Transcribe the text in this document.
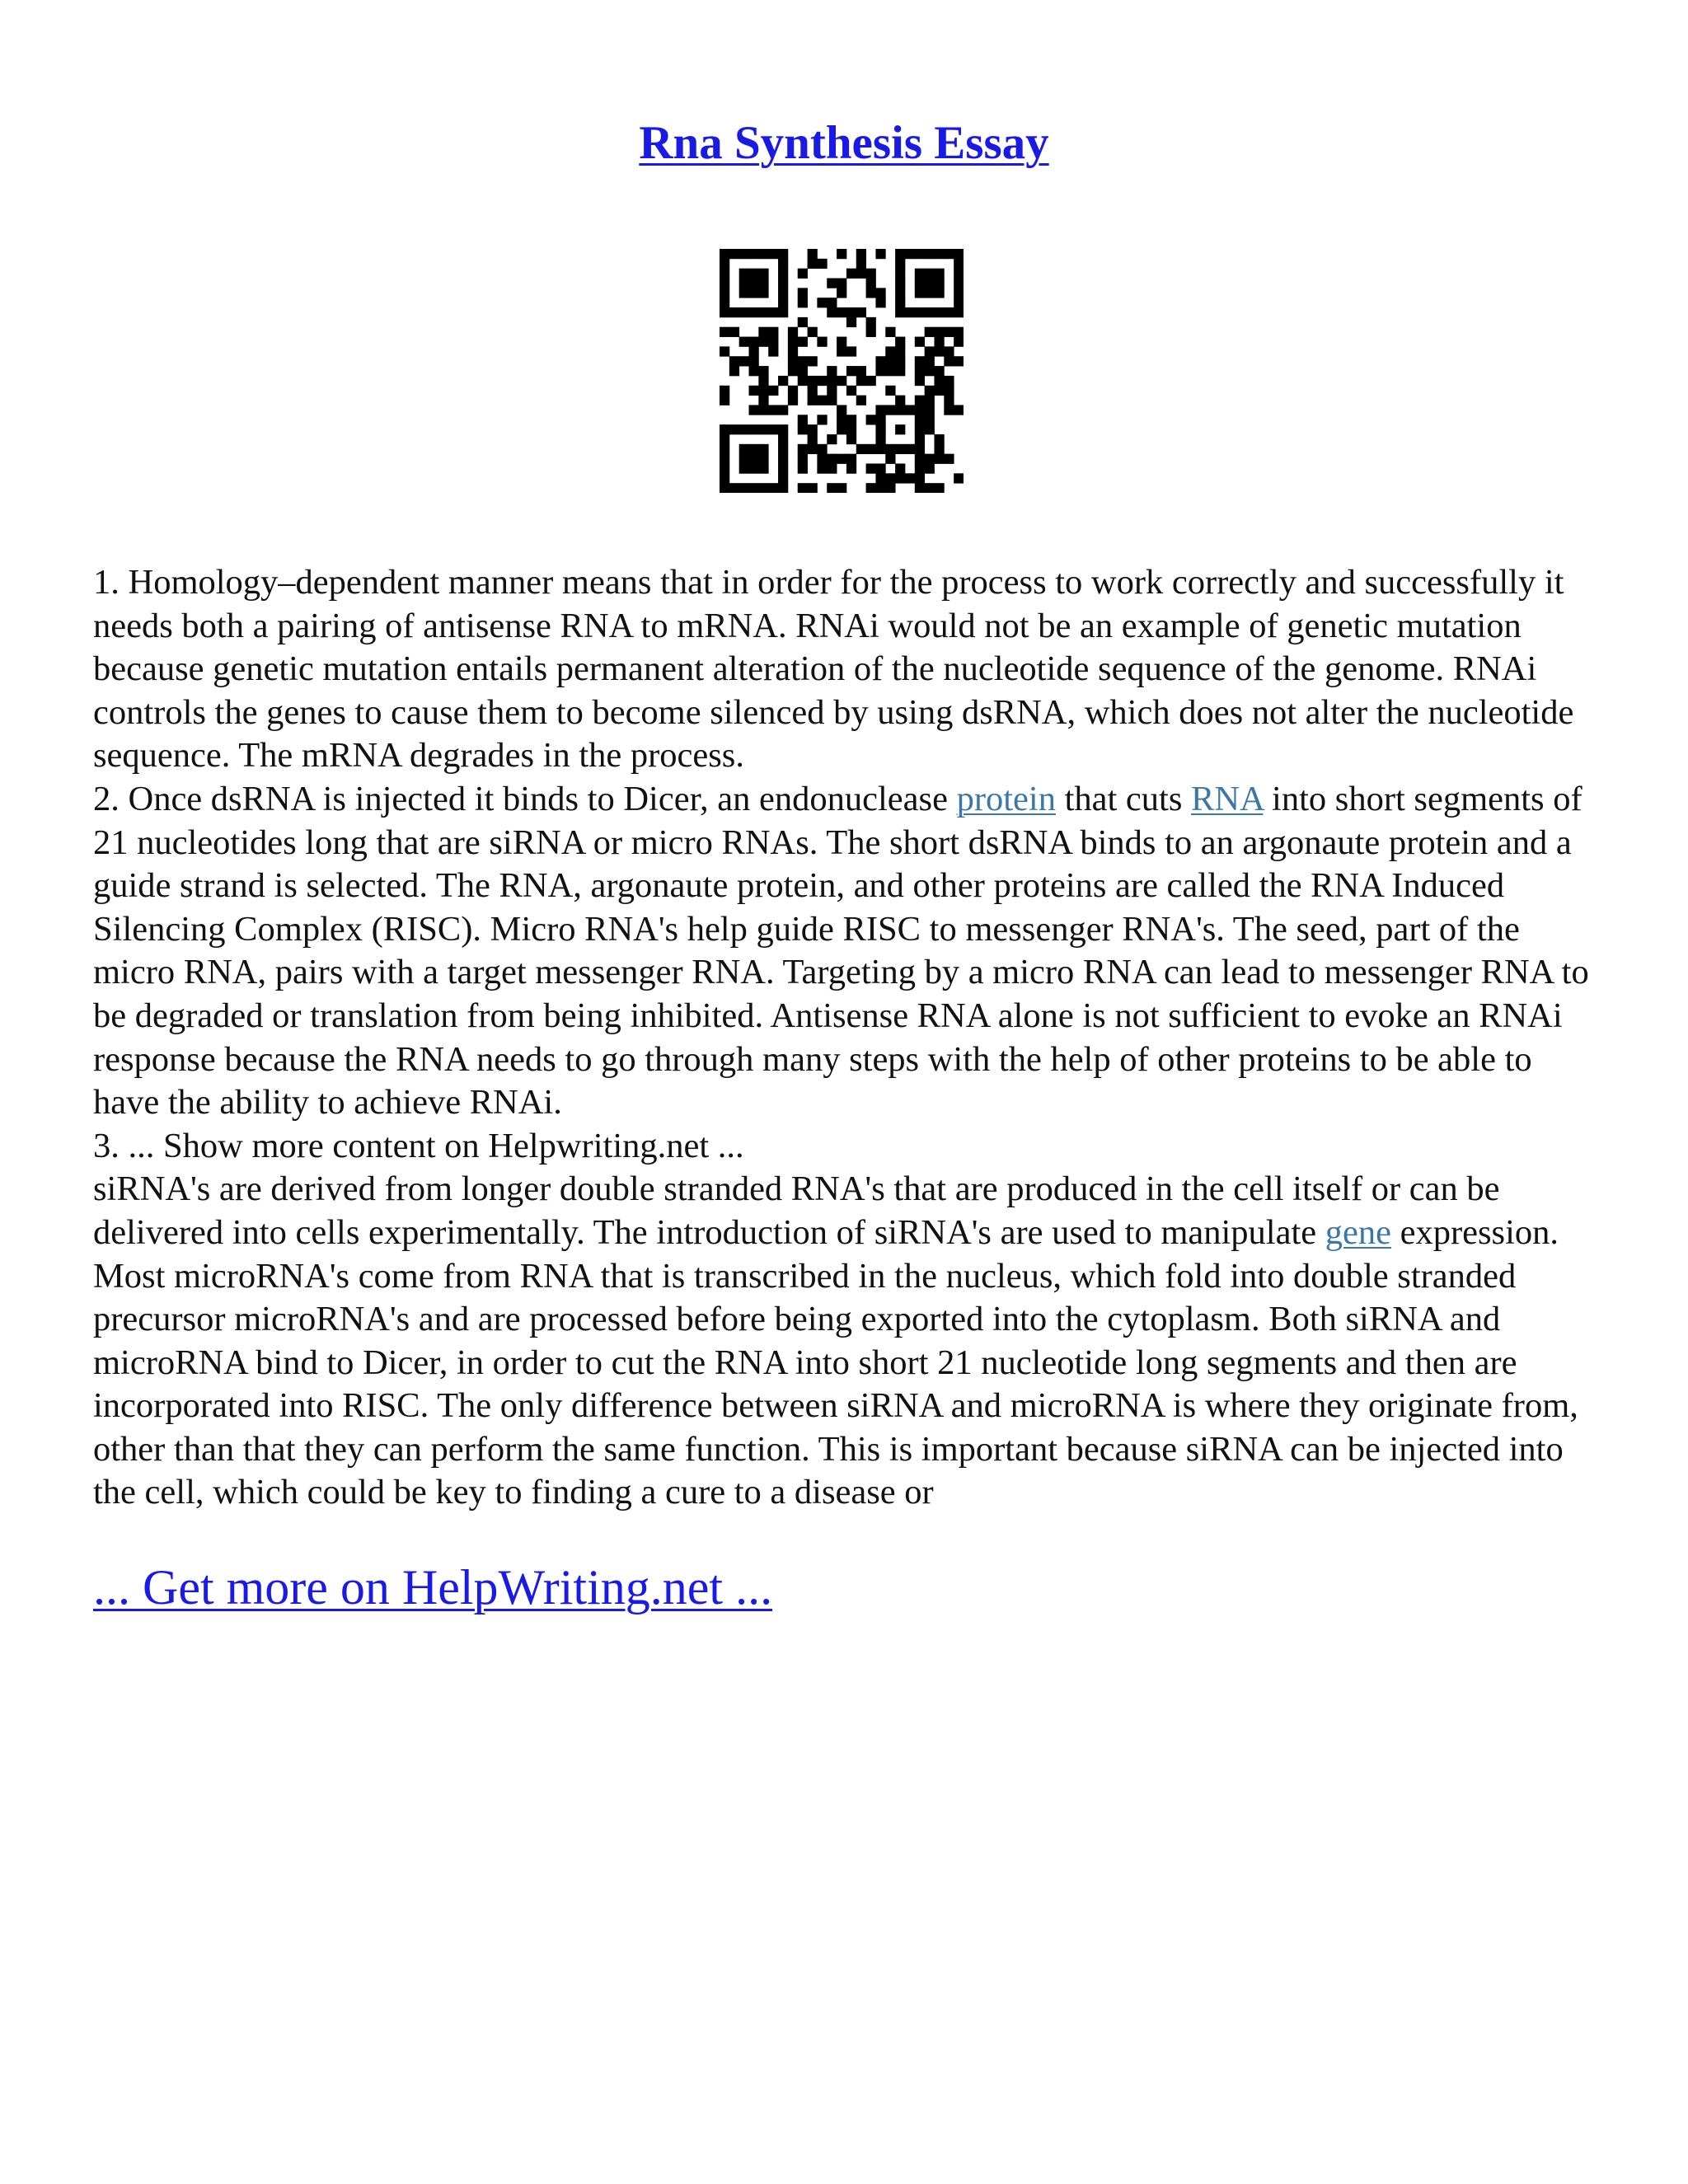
Rna Synthesis Essay

1. Homology–dependent manner means that in order for the process to work correctly and successfully it needs both a pairing of antisense RNA to mRNA. RNAi would not be an example of genetic mutation because genetic mutation entails permanent alteration of the nucleotide sequence of the genome. RNAi controls the genes to cause them to become silenced by using dsRNA, which does not alter the nucleotide sequence. The mRNA degrades in the process.

2. Once dsRNA is injected it binds to Dicer, an endonuclease protein that cuts RNA into short segments of 21 nucleotides long that are siRNA or micro RNAs. The short dsRNA binds to an argonaute protein and a guide strand is selected. The RNA, argonaute protein, and other proteins are called the RNA Induced Silencing Complex (RISC). Micro RNA's help guide RISC to messenger RNA's. The seed, part of the micro RNA, pairs with a target messenger RNA. Targeting by a micro RNA can lead to messenger RNA to be degraded or translation from being inhibited. Antisense RNA alone is not sufficient to evoke an RNAi response because the RNA needs to go through many steps with the help of other proteins to be able to have the ability to achieve RNAi.

3. ... Show more content on Helpwriting.net ...

siRNA's are derived from longer double stranded RNA's that are produced in the cell itself or can be delivered into cells experimentally. The introduction of siRNA's are used to manipulate gene expression. Most microRNA's come from RNA that is transcribed in the nucleus, which fold into double stranded precursor microRNA's and are processed before being exported into the cytoplasm. Both siRNA and microRNA bind to Dicer, in order to cut the RNA into short 21 nucleotide long segments and then are incorporated into RISC. The only difference between siRNA and microRNA is where they originate from, other than that they can perform the same function. This is important because siRNA can be injected into the cell, which could be key to finding a cure to a disease or

... Get more on HelpWriting.net ...
